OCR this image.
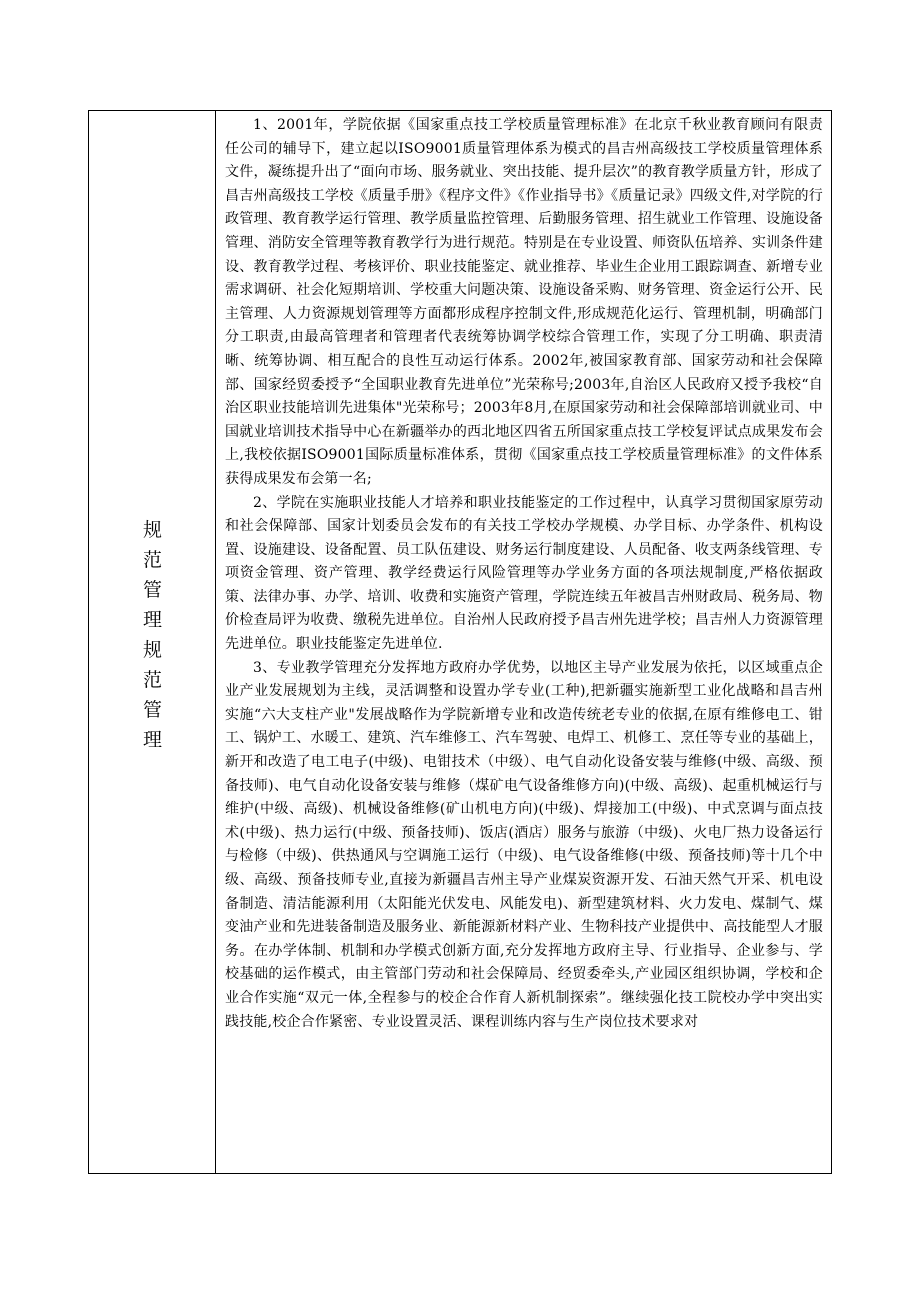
规
范
管
理
规
范
管
理

1、2001年，学院依据《国家重点技工学校质量管理标准》在北京千秋业教育顾问有限责任公司的辅导下，建立起以ISO9001质量管理体系为模式的昌吉州高级技工学校质量管理体系文件，凝练提升出了“面向市场、服务就业、突出技能、提升层次”的教育教学质量方针，形成了昌吉州高级技工学校《质量手册》《程序文件》《作业指导书》《质量记录》四级文件,对学院的行政管理、教育教学运行管理、教学质量监控管理、后勤服务管理、招生就业工作管理、设施设备管理、消防安全管理等教育教学行为进行规范。特别是在专业设置、师资队伍培养、实训条件建设、教育教学过程、考核评价、职业技能鉴定、就业推荐、毕业生企业用工跟踪调查、新增专业需求调研、社会化短期培训、学校重大问题决策、设施设备采购、财务管理、资金运行公开、民主管理、人力资源规划管理等方面都形成程序控制文件,形成规范化运行、管理机制，明确部门分工职责,由最高管理者和管理者代表统筹协调学校综合管理工作，实现了分工明确、职责清晰、统筹协调、相互配合的良性互动运行体系。2002年,被国家教育部、国家劳动和社会保障部、国家经贸委授予“全国职业教育先进单位”光荣称号;2003年,自治区人民政府又授予我校“自治区职业技能培训先进集体"光荣称号；2003年8月,在原国家劳动和社会保障部培训就业司、中国就业培训技术指导中心在新疆举办的西北地区四省五所国家重点技工学校复评试点成果发布会上,我校依据ISO9001国际质量标准体系，贯彻《国家重点技工学校质量管理标准》的文件体系获得成果发布会第一名;

2、学院在实施职业技能人才培养和职业技能鉴定的工作过程中，认真学习贯彻国家原劳动和社会保障部、国家计划委员会发布的有关技工学校办学规模、办学目标、办学条件、机构设置、设施建设、设备配置、员工队伍建设、财务运行制度建设、人员配备、收支两条线管理、专项资金管理、资产管理、教学经费运行风险管理等办学业务方面的各项法规制度,严格依据政策、法律办事、办学、培训、收费和实施资产管理，学院连续五年被昌吉州财政局、税务局、物价检查局评为收费、缴税先进单位。自治州人民政府授予昌吉州先进学校；昌吉州人力资源管理先进单位。职业技能鉴定先进单位.

3、专业教学管理充分发挥地方政府办学优势，以地区主导产业发展为依托，以区域重点企业产业发展规划为主线，灵活调整和设置办学专业(工种),把新疆实施新型工业化战略和昌吉州实施“六大支柱产业"发展战略作为学院新增专业和改造传统老专业的依据,在原有维修电工、钳工、锅炉工、水暖工、建筑、汽车维修工、汽车驾驶、电焊工、机修工、烹任等专业的基础上，新开和改造了电工电子(中级)、电钳技术（中级）、电气自动化设备安装与维修(中级、高级、预备技师)、电气自动化设备安装与维修（煤矿电气设备维修方向)(中级、高级)、起重机械运行与维护(中级、高级)、机械设备维修(矿山机电方向)(中级)、焊接加工(中级)、中式烹调与面点技术(中级)、热力运行(中级、预备技师)、饭店(酒店）服务与旅游（中级)、火电厂热力设备运行与检修（中级)、供热通风与空调施工运行（中级)、电气设备维修(中级、预备技师)等十几个中级、高级、预备技师专业,直接为新疆昌吉州主导产业煤炭资源开发、石油天然气开采、机电设备制造、清洁能源利用（太阳能光伏发电、风能发电)、新型建筑材料、火力发电、煤制气、煤变油产业和先进装备制造及服务业、新能源新材料产业、生物科技产业提供中、高技能型人才服务。在办学体制、机制和办学模式创新方面,充分发挥地方政府主导、行业指导、企业参与、学校基础的运作模式，由主管部门劳动和社会保障局、经贸委牵头,产业园区组织协调，学校和企业合作实施“双元一体,全程参与的校企合作育人新机制探索”。继续强化技工院校办学中突出实践技能,校企合作紧密、专业设置灵活、课程训练内容与生产岗位技术要求对
